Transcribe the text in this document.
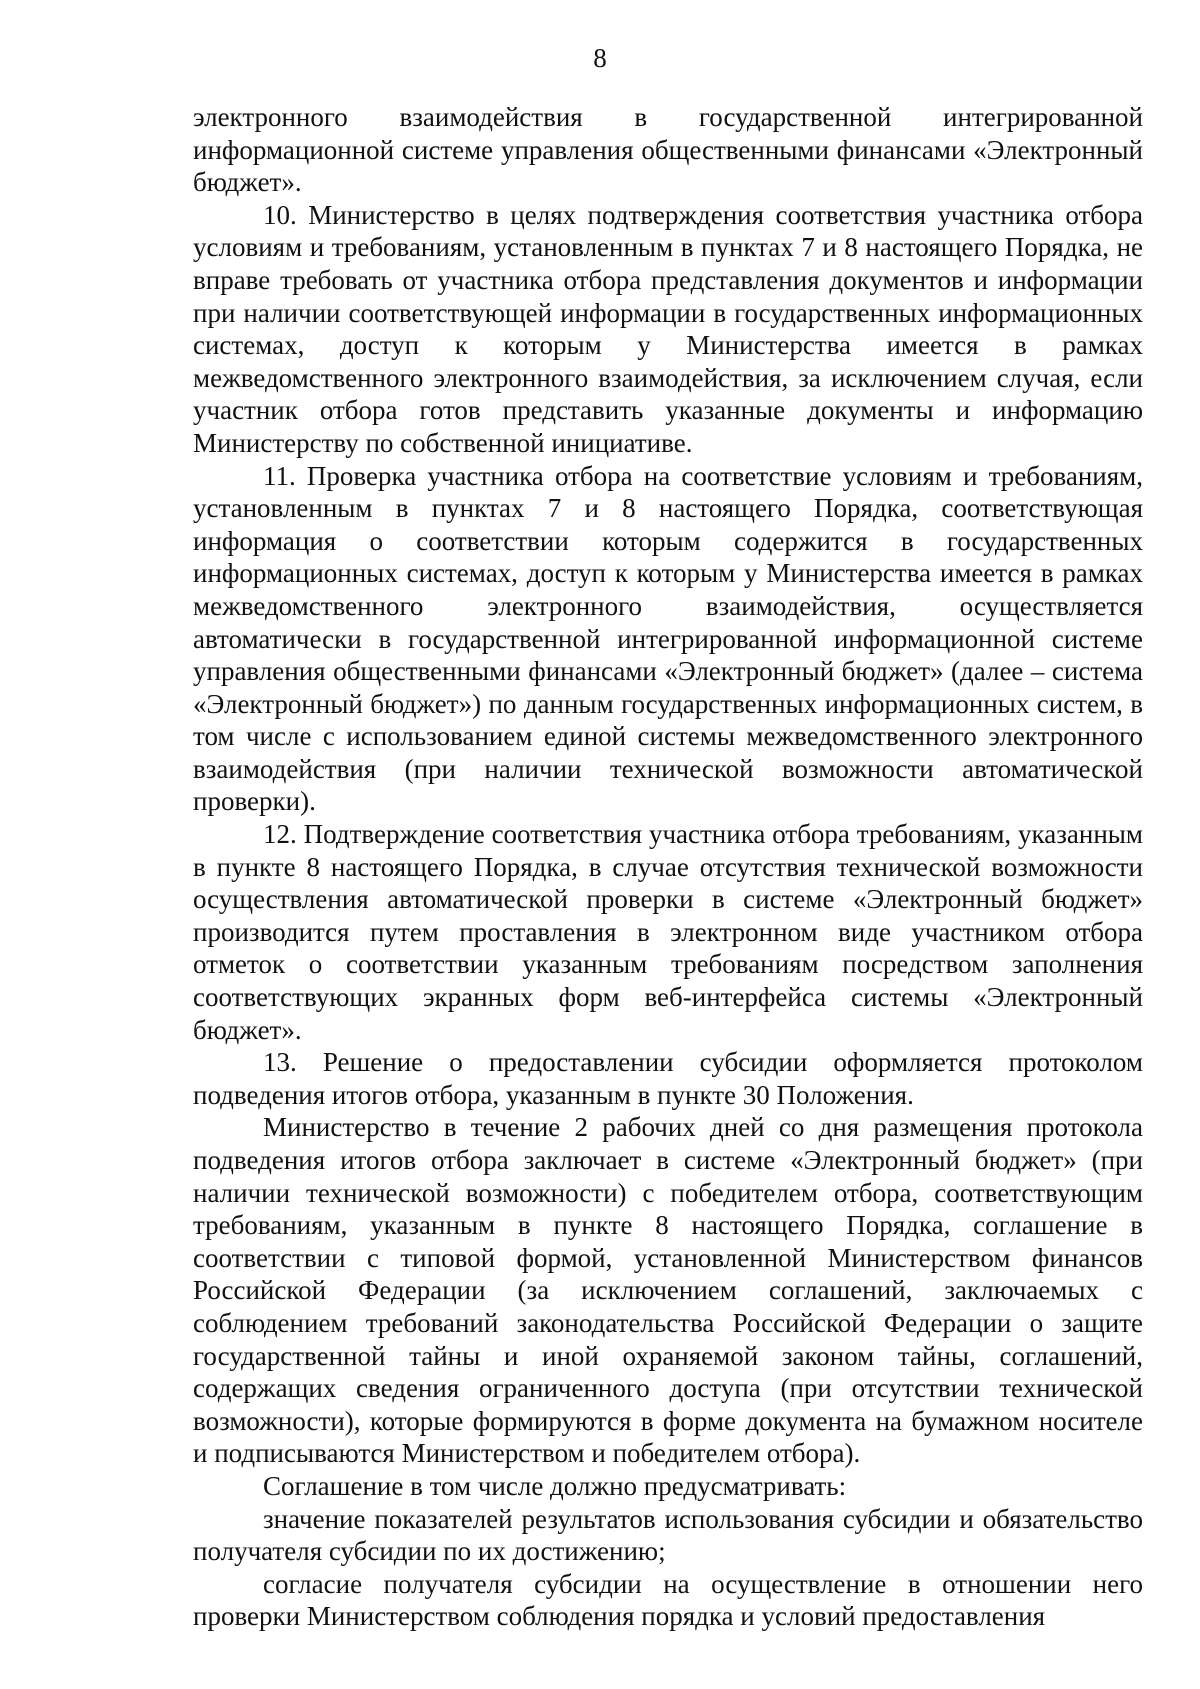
8

электронного взаимодействия в государственной интегрированной информационной системе управления общественными финансами «Электронный бюджет».

10. Министерство в целях подтверждения соответствия участника отбора условиям и требованиям, установленным в пунктах 7 и 8 настоящего Порядка, не вправе требовать от участника отбора представления документов и информации при наличии соответствующей информации в государственных информационных системах, доступ к которым у Министерства имеется в рамках межведомственного электронного взаимодействия, за исключением случая, если участник отбора готов представить указанные документы и информацию Министерству по собственной инициативе.

11. Проверка участника отбора на соответствие условиям и требованиям, установленным в пунктах 7 и 8 настоящего Порядка, соответствующая информация о соответствии которым содержится в государственных информационных системах, доступ к которым у Министерства имеется в рамках межведомственного электронного взаимодействия, осуществляется автоматически в государственной интегрированной информационной системе управления общественными финансами «Электронный бюджет» (далее – система «Электронный бюджет») по данным государственных информационных систем, в том числе с использованием единой системы межведомственного электронного взаимодействия (при наличии технической возможности автоматической проверки).

12. Подтверждение соответствия участника отбора требованиям, указанным в пункте 8 настоящего Порядка, в случае отсутствия технической возможности осуществления автоматической проверки в системе «Электронный бюджет» производится путем проставления в электронном виде участником отбора отметок о соответствии указанным требованиям посредством заполнения соответствующих экранных форм веб-интерфейса системы «Электронный бюджет».

13. Решение о предоставлении субсидии оформляется протоколом подведения итогов отбора, указанным в пункте 30 Положения.

Министерство в течение 2 рабочих дней со дня размещения протокола подведения итогов отбора заключает в системе «Электронный бюджет» (при наличии технической возможности) с победителем отбора, соответствующим требованиям, указанным в пункте 8 настоящего Порядка, соглашение в соответствии с типовой формой, установленной Министерством финансов Российской Федерации (за исключением соглашений, заключаемых с соблюдением требований законодательства Российской Федерации о защите государственной тайны и иной охраняемой законом тайны, соглашений, содержащих сведения ограниченного доступа (при отсутствии технической возможности), которые формируются в форме документа на бумажном носителе и подписываются Министерством и победителем отбора).

Соглашение в том числе должно предусматривать:

значение показателей результатов использования субсидии и обязательство получателя субсидии по их достижению;

согласие получателя субсидии на осуществление в отношении него проверки Министерством соблюдения порядка и условий предоставления
